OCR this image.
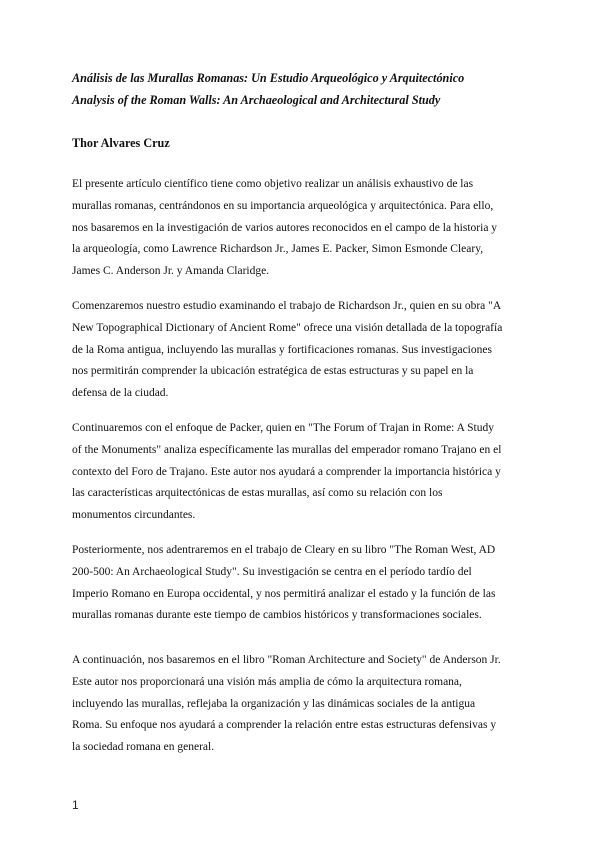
Análisis de las Murallas Romanas: Un Estudio Arqueológico y Arquitectónico
Analysis of the Roman Walls: An Archaeological and Architectural Study
Thor Alvares Cruz

El presente artículo científico tiene como objetivo realizar un análisis exhaustivo de las
murallas romanas, centrándonos en su importancia arqueológica y arquitectónica. Para ello,
nos basaremos en la investigación de varios autores reconocidos en el campo de la historia y
la arqueología, como Lawrence Richardson Jr., James E. Packer, Simon Esmonde Cleary,
James C. Anderson Jr. y Amanda Claridge.

Comenzaremos nuestro estudio examinando el trabajo de Richardson Jr., quien en su obra "A
New Topographical Dictionary of Ancient Rome" ofrece una visión detallada de la topografía
de la Roma antigua, incluyendo las murallas y fortificaciones romanas. Sus investigaciones
nos permitirán comprender la ubicación estratégica de estas estructuras y su papel en la
defensa de la ciudad.

Continuaremos con el enfoque de Packer, quien en "The Forum of Trajan in Rome: A Study
of the Monuments" analiza específicamente las murallas del emperador romano Trajano en el
contexto del Foro de Trajano. Este autor nos ayudará a comprender la importancia histórica y
las características arquitectónicas de estas murallas, así como su relación con los
monumentos circundantes.

Posteriormente, nos adentraremos en el trabajo de Cleary en su libro "The Roman West, AD
200-500: An Archaeological Study". Su investigación se centra en el período tardío del
Imperio Romano en Europa occidental, y nos permitirá analizar el estado y la función de las
murallas romanas durante este tiempo de cambios históricos y transformaciones sociales.

A continuación, nos basaremos en el libro "Roman Architecture and Society" de Anderson Jr.
Este autor nos proporcionará una visión más amplia de cómo la arquitectura romana,
incluyendo las murallas, reflejaba la organización y las dinámicas sociales de la antigua
Roma. Su enfoque nos ayudará a comprender la relación entre estas estructuras defensivas y
la sociedad romana en general.

1
